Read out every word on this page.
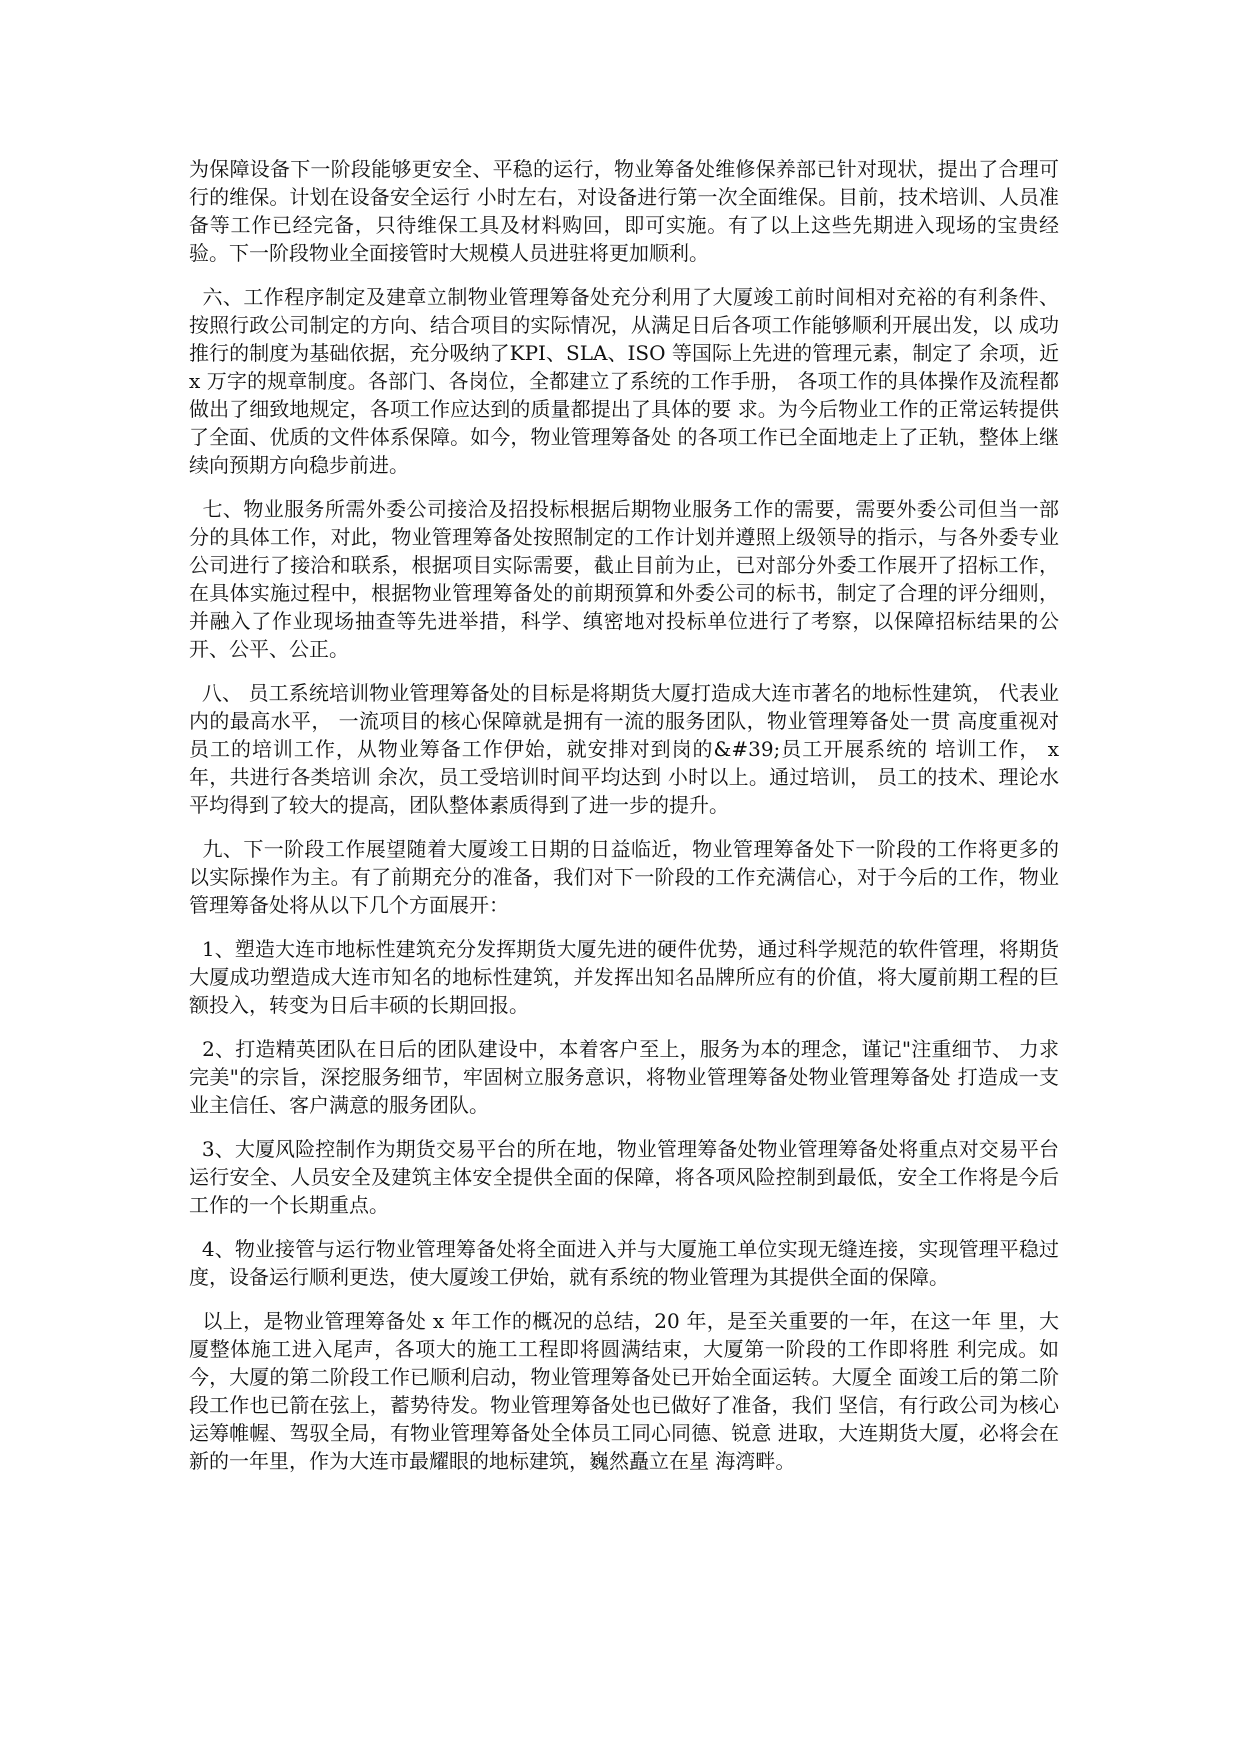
为保障设备下一阶段能够更安全、平稳的运行，物业筹备处维修保养部已针对现状，提出了合理可行的维保。计划在设备安全运行 小时左右，对设备进行第一次全面维保。目前，技术培训、人员准备等工作已经完备，只待维保工具及材料购回，即可实施。有了以上这些先期进入现场的宝贵经验。下一阶段物业全面接管时大规模人员进驻将更加顺利。

六、工作程序制定及建章立制物业管理筹备处充分利用了大厦竣工前时间相对充裕的有利条件、按照行政公司制定的方向、结合项目的实际情况，从满足日后各项工作能够顺利开展出发，以 成功推行的制度为基础依据，充分吸纳了KPI、SLA、ISO 等国际上先进的管理元素，制定了 余项，近x 万字的规章制度。各部门、各岗位，全都建立了系统的工作手册， 各项工作的具体操作及流程都做出了细致地规定，各项工作应达到的质量都提出了具体的要 求。为今后物业工作的正常运转提供了全面、优质的文件体系保障。如今，物业管理筹备处 的各项工作已全面地走上了正轨，整体上继续向预期方向稳步前进。

七、物业服务所需外委公司接洽及招投标根据后期物业服务工作的需要，需要外委公司但当一部分的具体工作，对此，物业管理筹备处按照制定的工作计划并遵照上级领导的指示，与各外委专业公司进行了接洽和联系，根据项目实际需要，截止目前为止，已对部分外委工作展开了招标工作，在具体实施过程中，根据物业管理筹备处的前期预算和外委公司的标书，制定了合理的评分细则，并融入了作业现场抽查等先进举措，科学、缜密地对投标单位进行了考察，以保障招标结果的公开、公平、公正。

八、 员工系统培训物业管理筹备处的目标是将期货大厦打造成大连市著名的地标性建筑， 代表业内的最高水平， 一流项目的核心保障就是拥有一流的服务团队，物业管理筹备处一贯 高度重视对员工的培训工作，从物业筹备工作伊始，就安排对到岗的&#39;员工开展系统的 培训工作， x 年，共进行各类培训 余次，员工受培训时间平均达到 小时以上。通过培训， 员工的技术、理论水平均得到了较大的提高，团队整体素质得到了进一步的提升。

九、下一阶段工作展望随着大厦竣工日期的日益临近，物业管理筹备处下一阶段的工作将更多的以实际操作为主。有了前期充分的准备，我们对下一阶段的工作充满信心，对于今后的工作，物业管理筹备处将从以下几个方面展开：

1、塑造大连市地标性建筑充分发挥期货大厦先进的硬件优势，通过科学规范的软件管理，将期货大厦成功塑造成大连市知名的地标性建筑，并发挥出知名品牌所应有的价值，将大厦前期工程的巨额投入，转变为日后丰硕的长期回报。

2、打造精英团队在日后的团队建设中，本着客户至上，服务为本的理念，谨记"注重细节、 力求完美"的宗旨，深挖服务细节，牢固树立服务意识，将物业管理筹备处物业管理筹备处 打造成一支业主信任、客户满意的服务团队。

3、大厦风险控制作为期货交易平台的所在地，物业管理筹备处物业管理筹备处将重点对交易平台运行安全、人员安全及建筑主体安全提供全面的保障，将各项风险控制到最低，安全工作将是今后工作的一个长期重点。

4、物业接管与运行物业管理筹备处将全面进入并与大厦施工单位实现无缝连接，实现管理平稳过度，设备运行顺利更迭，使大厦竣工伊始，就有系统的物业管理为其提供全面的保障。

以上，是物业管理筹备处 x 年工作的概况的总结，20 年，是至关重要的一年，在这一年 里，大厦整体施工进入尾声，各项大的施工工程即将圆满结束，大厦第一阶段的工作即将胜 利完成。如今，大厦的第二阶段工作已顺利启动，物业管理筹备处已开始全面运转。大厦全 面竣工后的第二阶段工作也已箭在弦上，蓄势待发。物业管理筹备处也已做好了准备，我们 坚信，有行政公司为核心运筹帷幄、驾驭全局，有物业管理筹备处全体员工同心同德、锐意 进取，大连期货大厦，必将会在新的一年里，作为大连市最耀眼的地标建筑，巍然矗立在星 海湾畔。
